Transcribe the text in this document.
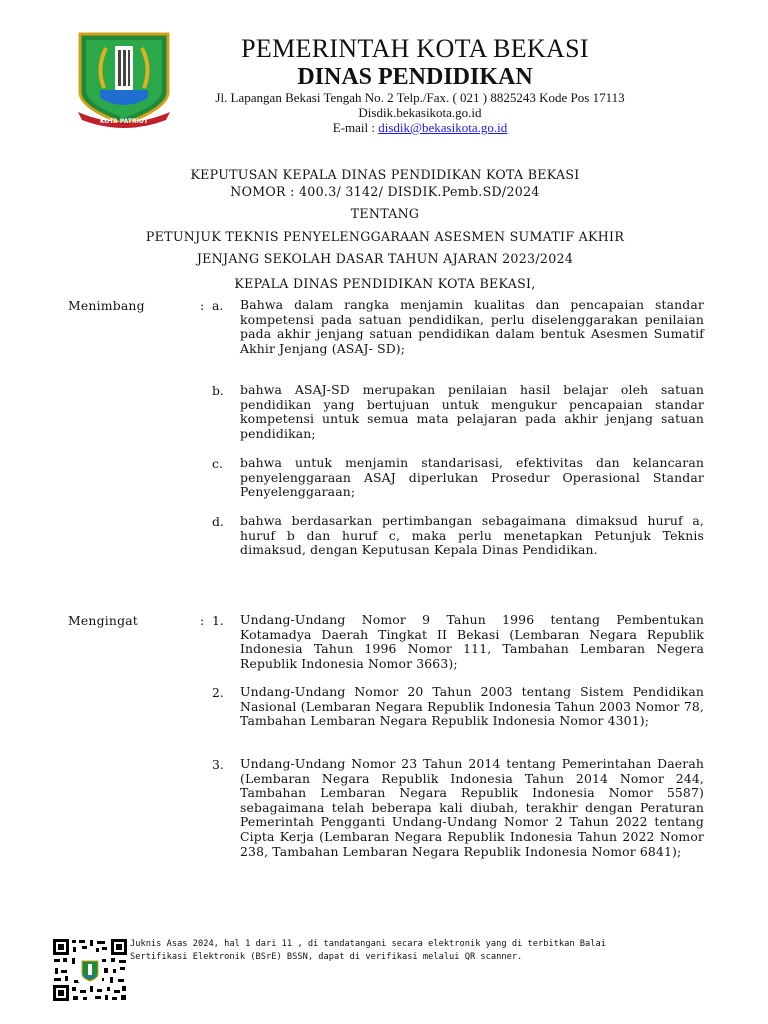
KOTA PATRIOT
PEMERINTAH KOTA BEKASI
DINAS PENDIDIKAN
Jl. Lapangan Bekasi Tengah No. 2 Telp./Fax. ( 021 ) 8825243 Kode Pos 17113
Disdik.bekasikota.go.id
E-mail : disdik@bekasikota.go.id
KEPUTUSAN KEPALA DINAS PENDIDIKAN KOTA BEKASI
NOMOR : 400.3/ 3142/ DISDIK.Pemb.SD/2024
TENTANG
PETUNJUK TEKNIS PENYELENGGARAAN ASESMEN SUMATIF AKHIR
JENJANG SEKOLAH DASAR TAHUN AJARAN 2023/2024
KEPALA DINAS PENDIDIKAN KOTA BEKASI,
Menimbang	: a. Bahwa dalam rangka menjamin kualitas dan pencapaian standar kompetensi pada satuan pendidikan, perlu diselenggarakan penilaian pada akhir jenjang satuan pendidikan dalam bentuk Asesmen Sumatif Akhir Jenjang (ASAJ- SD);
b. bahwa ASAJ-SD merupakan penilaian hasil belajar oleh satuan pendidikan yang bertujuan untuk mengukur pencapaian standar kompetensi untuk semua mata pelajaran pada akhir jenjang satuan pendidikan;
c. bahwa untuk menjamin standarisasi, efektivitas dan kelancaran penyelenggaraan ASAJ diperlukan Prosedur Operasional Standar Penyelenggaraan;
d. bahwa berdasarkan pertimbangan sebagaimana dimaksud huruf a, huruf b dan huruf c, maka perlu menetapkan Petunjuk Teknis dimaksud, dengan Keputusan Kepala Dinas Pendidikan.
Mengingat	: 1. Undang-Undang Nomor 9 Tahun 1996 tentang Pembentukan Kotamadya Daerah Tingkat II Bekasi (Lembaran Negara Republik Indonesia Tahun 1996 Nomor 111, Tambahan Lembaran Negera Republik Indonesia Nomor 3663);
2. Undang-Undang Nomor 20 Tahun 2003 tentang Sistem Pendidikan Nasional (Lembaran Negara Republik Indonesia Tahun 2003 Nomor 78, Tambahan Lembaran Negara Republik Indonesia Nomor 4301);
3. Undang-Undang Nomor 23 Tahun 2014 tentang Pemerintahan Daerah (Lembaran Negara Republik Indonesia Tahun 2014 Nomor 244, Tambahan Lembaran Negara Republik Indonesia Nomor 5587) sebagaimana telah beberapa kali diubah, terakhir dengan Peraturan Pemerintah Pengganti Undang-Undang Nomor 2 Tahun 2022 tentang Cipta Kerja (Lembaran Negara Republik Indonesia Tahun 2022 Nomor 238, Tambahan Lembaran Negara Republik Indonesia Nomor 6841);
Juknis Asas 2024, hal 1 dari 11 , di tandatangani secara elektronik yang di terbitkan Balai
Sertifikasi Elektronik (BSrE) BSSN, dapat di verifikasi melalui QR scanner.
